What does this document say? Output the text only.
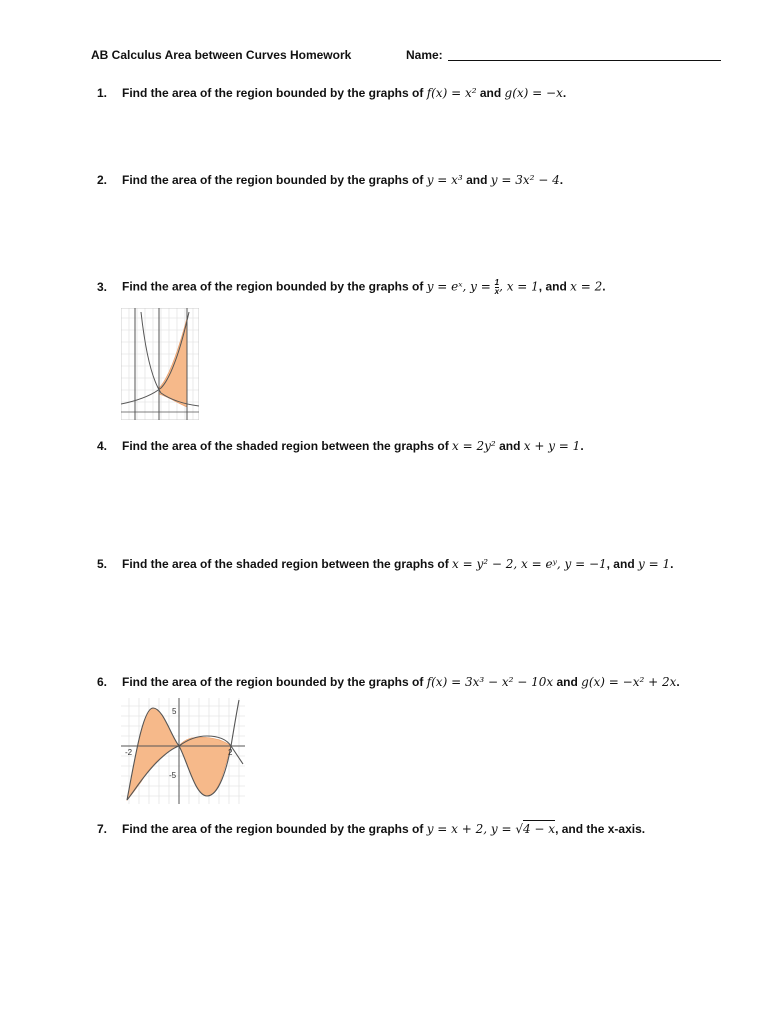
AB Calculus Area between Curves Homework	Name:
1. Find the area of the region bounded by the graphs of f(x) = x² and g(x) = −x.
2. Find the area of the region bounded by the graphs of y = x³ and y = 3x² − 4.
3. Find the area of the region bounded by the graphs of y = eˣ, $y = \frac{1}{x}$ , x = 1, and x = 2.
4. Find the area of the shaded region between the graphs of x = 2y² and x + y = 1.
5. Find the area of the shaded region between the graphs of x = y² − 2, x = eʸ, y = −1, and y = 1.
6. Find the area of the region bounded by the graphs of f(x) = 3x³ − x² − 10x and g(x) = −x² + 2x.
5
-5
-2	2
7. Find the area of the region bounded by the graphs of y = x + 2, y = √4 − x, and the x-axis.
